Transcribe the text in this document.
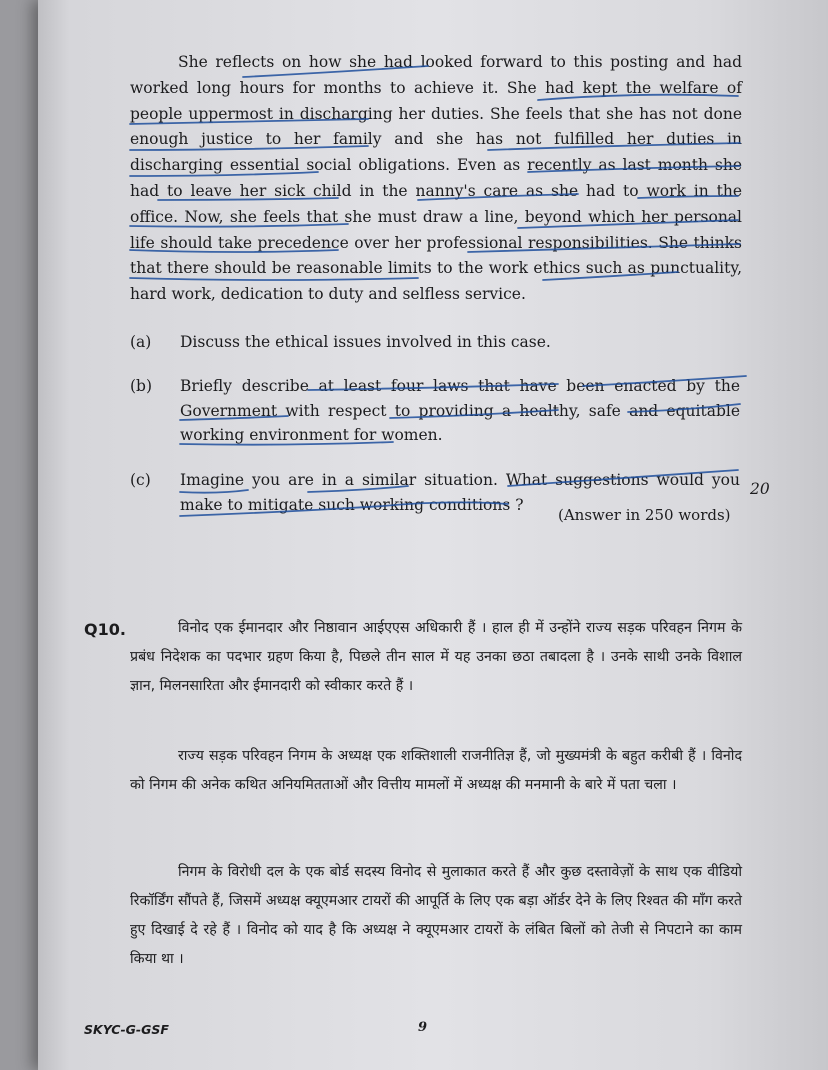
She reflects on how she had looked forward to this posting and had worked long hours for months to achieve it. She had kept the welfare of people uppermost in discharging her duties. She feels that she has not done enough justice to her family and she has not fulfilled her duties in discharging essential social obligations. Even as recently as last month she had to leave her sick child in the nanny's care as she had to work in the office. Now, she feels that she must draw a line, beyond which her personal life should take precedence over her professional responsibilities. She thinks that there should be reasonable limits to the work ethics such as punctuality, hard work, dedication to duty and selfless service.
(a) Discuss the ethical issues involved in this case.
(b) Briefly describe at least four laws that have been enacted by the Government with respect to providing a healthy, safe and equitable working environment for women.
(c) Imagine you are in a similar situation. What suggestions would you make to mitigate such working conditions ?
20
(Answer in 250 words)
Q10.	विनोद एक ईमानदार और निष्ठावान आईएएस अधिकारी हैं । हाल ही में उन्होंने राज्य सड़क परिवहन निगम के प्रबंध निदेशक का पदभार ग्रहण किया है, पिछले तीन साल में यह उनका छठा तबादला है । उनके साथी उनके विशाल ज्ञान, मिलनसारिता और ईमानदारी को स्वीकार करते हैं ।
राज्य सड़क परिवहन निगम के अध्यक्ष एक शक्तिशाली राजनीतिज्ञ हैं, जो मुख्यमंत्री के बहुत करीबी हैं । विनोद को निगम की अनेक कथित अनियमितताओं और वित्तीय मामलों में अध्यक्ष की मनमानी के बारे में पता चला ।
निगम के विरोधी दल के एक बोर्ड सदस्य विनोद से मुलाकात करते हैं और कुछ दस्तावेज़ों के साथ एक वीडियो रिकॉर्डिंग सौंपते हैं, जिसमें अध्यक्ष क्यूएमआर टायरों की आपूर्ति के लिए एक बड़ा ऑर्डर देने के लिए रिश्वत की माँग करते हुए दिखाई दे रहे हैं । विनोद को याद है कि अध्यक्ष ने क्यूएमआर टायरों के लंबित बिलों को तेजी से निपटाने का काम किया था ।
SKYC-G-GSF	9
